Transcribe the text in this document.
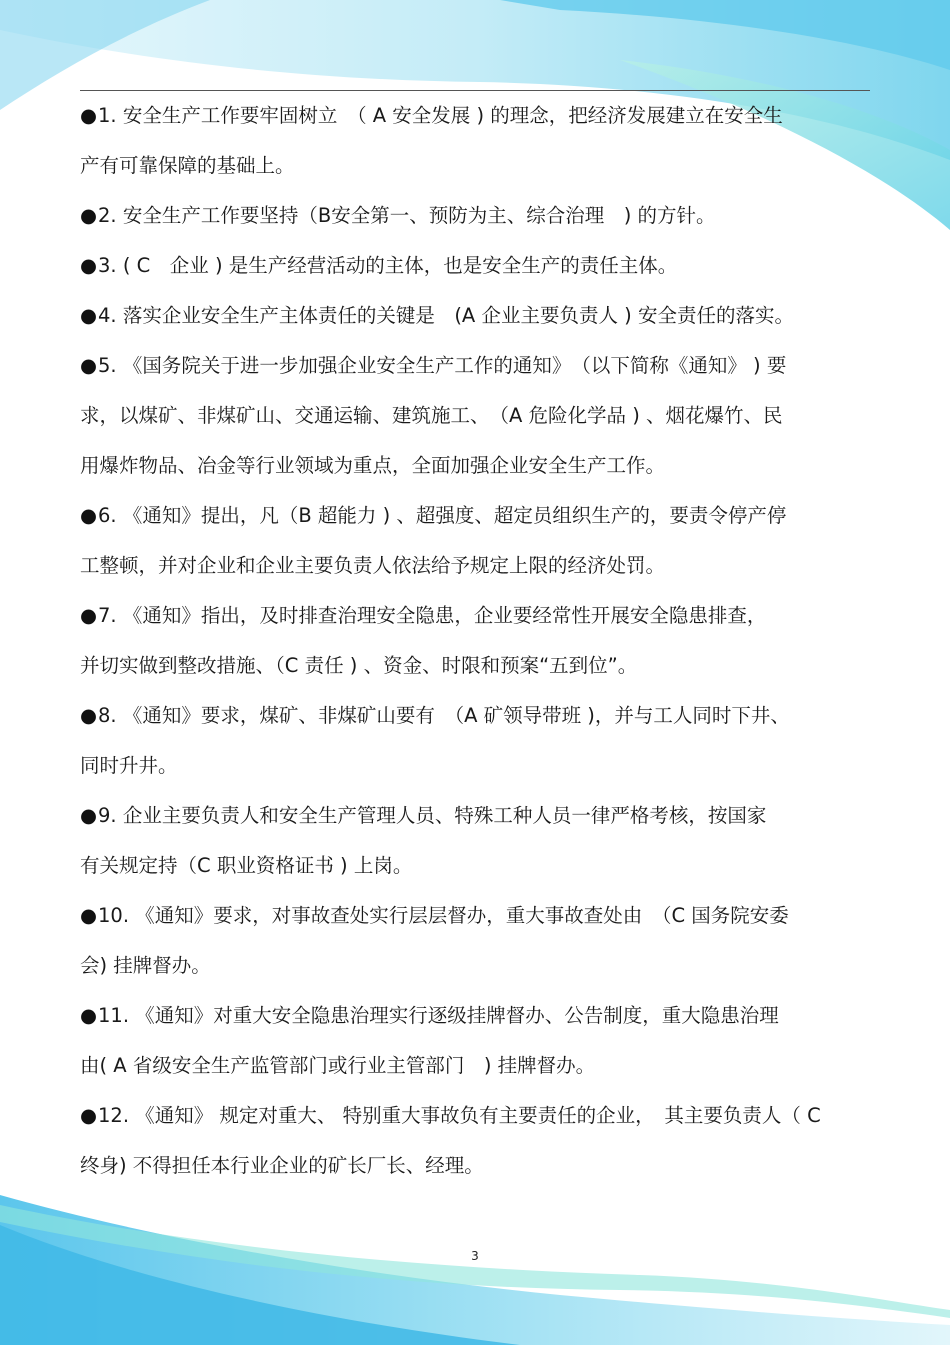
●1. 安全生产工作要牢固树立　（ A 安全发展 ) 的理念，把经济发展建立在安全生
产有可靠保障的基础上。
●2. 安全生产工作要坚持（B安全第一、预防为主、综合治理　) 的方针。
●3. ( C　企业 ) 是生产经营活动的主体，也是安全生产的责任主体。
●4. 落实企业安全生产主体责任的关键是　(A 企业主要负责人 ) 安全责任的落实。
●5. 《国务院关于进一步加强企业安全生产工作的通知》　（以下简称《通知》 ) 要
求，以煤矿、非煤矿山、交通运输、建筑施工、　（A 危险化学品 ) 、烟花爆竹、民
用爆炸物品、冶金等行业领域为重点，全面加强企业安全生产工作。
●6. 《通知》提出，凡（B 超能力 ) 、超强度、超定员组织生产的，要责令停产停
工整顿，并对企业和企业主要负责人依法给予规定上限的经济处罚。
●7. 《通知》指出，及时排查治理安全隐患，企业要经常性开展安全隐患排查，
并切实做到整改措施、（C 责任 ) 、资金、时限和预案“五到位”。
●8. 《通知》要求，煤矿、非煤矿山要有　（A 矿领导带班 )，并与工人同时下井、
同时升井。
●9. 企业主要负责人和安全生产管理人员、特殊工种人员一律严格考核，按国家
有关规定持（C 职业资格证书 ) 上岗。
●10. 《通知》要求，对事故查处实行层层督办，重大事故查处由　（C 国务院安委
会) 挂牌督办。
●11. 《通知》对重大安全隐患治理实行逐级挂牌督办、公告制度，重大隐患治理
由( A 省级安全生产监管部门或行业主管部门　) 挂牌督办。
●12. 《通知》 规定对重大、 特别重大事故负有主要责任的企业，　其主要负责人（ C
终身) 不得担任本行业企业的矿长厂长、经理。
3
